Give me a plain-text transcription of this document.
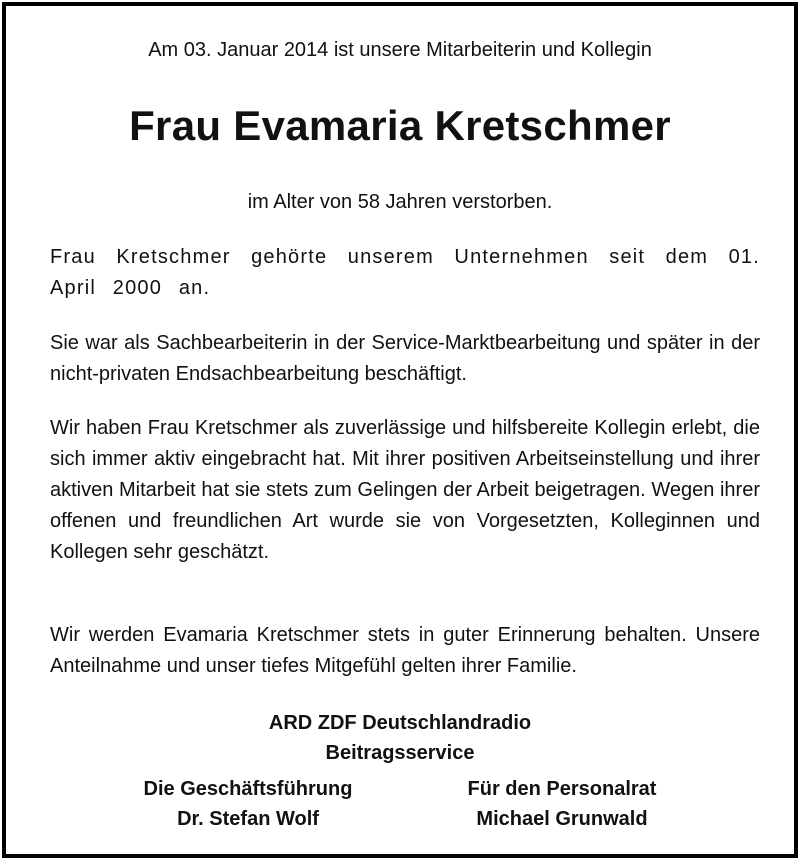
Am 03. Januar 2014 ist unsere Mitarbeiterin und Kollegin
Frau Evamaria Kretschmer
im Alter von 58 Jahren verstorben.
Frau Kretschmer gehörte unserem Unternehmen seit dem 01. April 2000 an.
Sie war als Sachbearbeiterin in der Service-Marktbearbeitung und später in der nicht-privaten Endsachbearbeitung beschäftigt.
Wir haben Frau Kretschmer als zuverlässige und hilfsbereite Kollegin erlebt, die sich immer aktiv eingebracht hat. Mit ihrer positiven Arbeitseinstellung und ihrer aktiven Mitarbeit hat sie stets zum Gelingen der Arbeit beigetragen. Wegen ihrer offenen und freundlichen Art wurde sie von Vorgesetzten, Kolleginnen und Kollegen sehr geschätzt.
Wir werden Evamaria Kretschmer stets in guter Erinnerung behalten. Unsere Anteilnahme und unser tiefes Mitgefühl gelten ihrer Familie.
ARD ZDF Deutschlandradio
Beitragsservice
Die Geschäftsführung
Dr. Stefan Wolf
Für den Personalrat
Michael Grunwald
